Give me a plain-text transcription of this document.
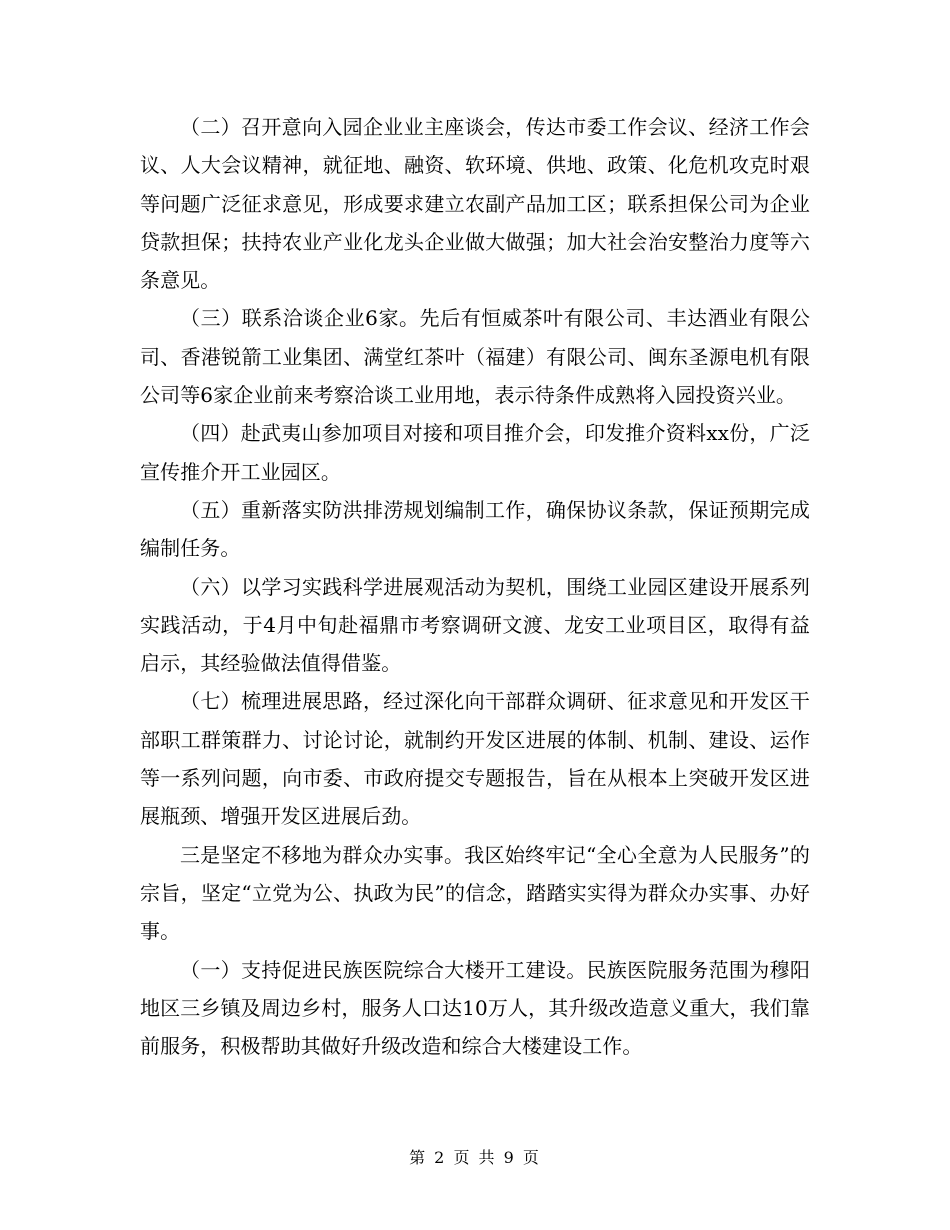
（二）召开意向入园企业业主座谈会，传达市委工作会议、经济工作会议、人大会议精神，就征地、融资、软环境、供地、政策、化危机攻克时艰等问题广泛征求意见，形成要求建立农副产品加工区；联系担保公司为企业贷款担保；扶持农业产业化龙头企业做大做强；加大社会治安整治力度等六条意见。

（三）联系洽谈企业6家。先后有恒威茶叶有限公司、丰达酒业有限公司、香港锐箭工业集团、满堂红茶叶（福建）有限公司、闽东圣源电机有限公司等6家企业前来考察洽谈工业用地，表示待条件成熟将入园投资兴业。

（四）赴武夷山参加项目对接和项目推介会，印发推介资料xx份，广泛宣传推介开工业园区。

（五）重新落实防洪排涝规划编制工作，确保协议条款，保证预期完成编制任务。

（六）以学习实践科学进展观活动为契机，围绕工业园区建设开展系列实践活动，于4月中旬赴福鼎市考察调研文渡、龙安工业项目区，取得有益启示，其经验做法值得借鉴。

（七）梳理进展思路，经过深化向干部群众调研、征求意见和开发区干部职工群策群力、讨论讨论，就制约开发区进展的体制、机制、建设、运作等一系列问题，向市委、市政府提交专题报告，旨在从根本上突破开发区进展瓶颈、增强开发区进展后劲。

三是坚定不移地为群众办实事。我区始终牢记“全心全意为人民服务”的宗旨，坚定“立党为公、执政为民”的信念，踏踏实实得为群众办实事、办好事。

（一）支持促进民族医院综合大楼开工建设。民族医院服务范围为穆阳地区三乡镇及周边乡村，服务人口达10万人，其升级改造意义重大，我们靠前服务，积极帮助其做好升级改造和综合大楼建设工作。

第 2 页 共 9 页
